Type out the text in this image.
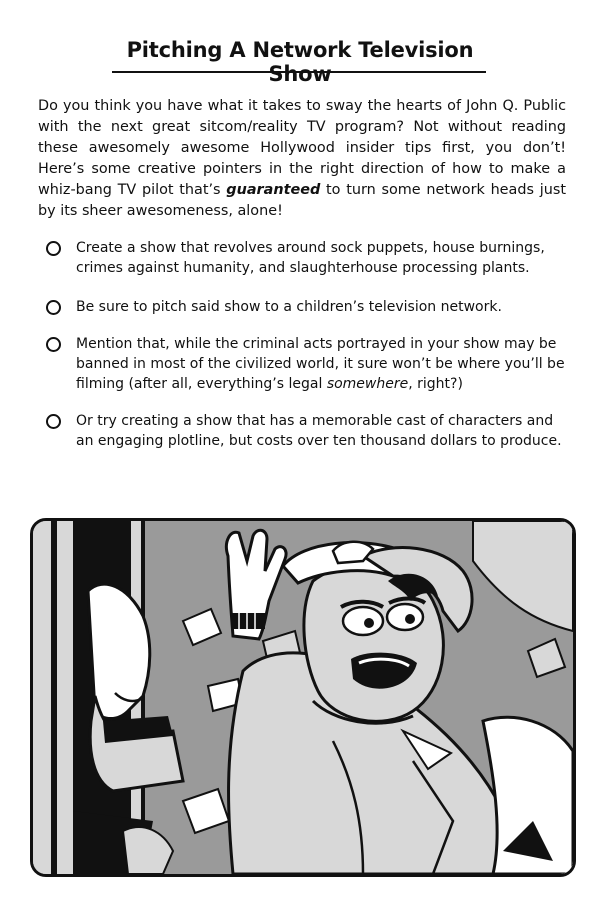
Pitching A Network Television Show

Do you think you have what it takes to sway the hearts of John Q. Public with the next great sitcom/reality TV program? Not without reading these awesomely awesome Hollywood insider tips first, you don’t! Here’s some creative pointers in the right direction of how to make a whiz-bang TV pilot that’s guaranteed to turn some network heads just by its sheer awesomeness, alone!

Create a show that revolves around sock puppets, house burnings, crimes against humanity, and slaughterhouse processing plants.
Be sure to pitch said show to a children’s television network.
Mention that, while the criminal acts portrayed in your show may be banned in most of the civilized world, it sure won’t be where you’ll be filming (after all, everything’s legal somewhere, right?)
Or try creating a show that has a memorable cast of characters and an engaging plotline, but costs over ten thousand dollars to produce.
